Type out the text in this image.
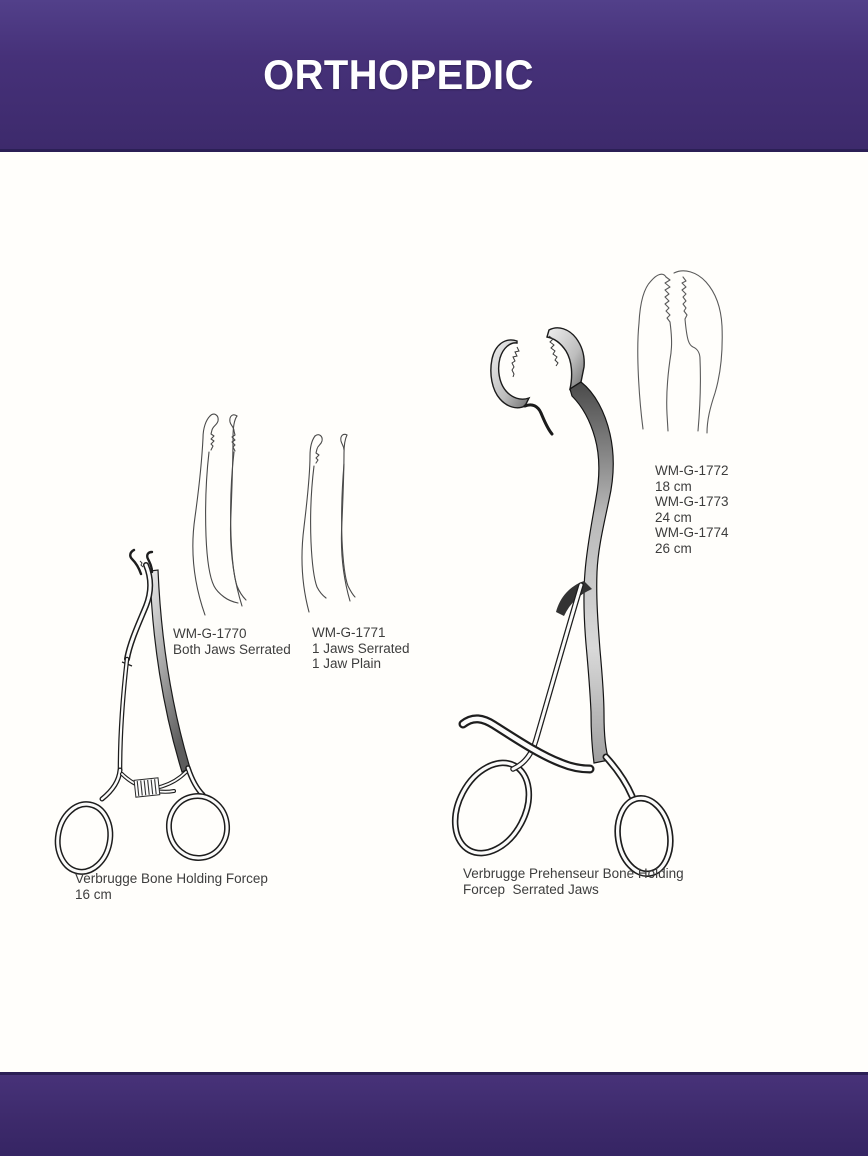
ORTHOPEDIC
WM-G-1770
Both Jaws Serrated
WM-G-1771
1 Jaws Serrated
1 Jaw Plain
WM-G-1772
18 cm
WM-G-1773
24 cm
WM-G-1774
26 cm
Verbrugge Bone Holding Forcep
16 cm
Verbrugge Prehenseur Bone Holding
Forcep  Serrated Jaws
